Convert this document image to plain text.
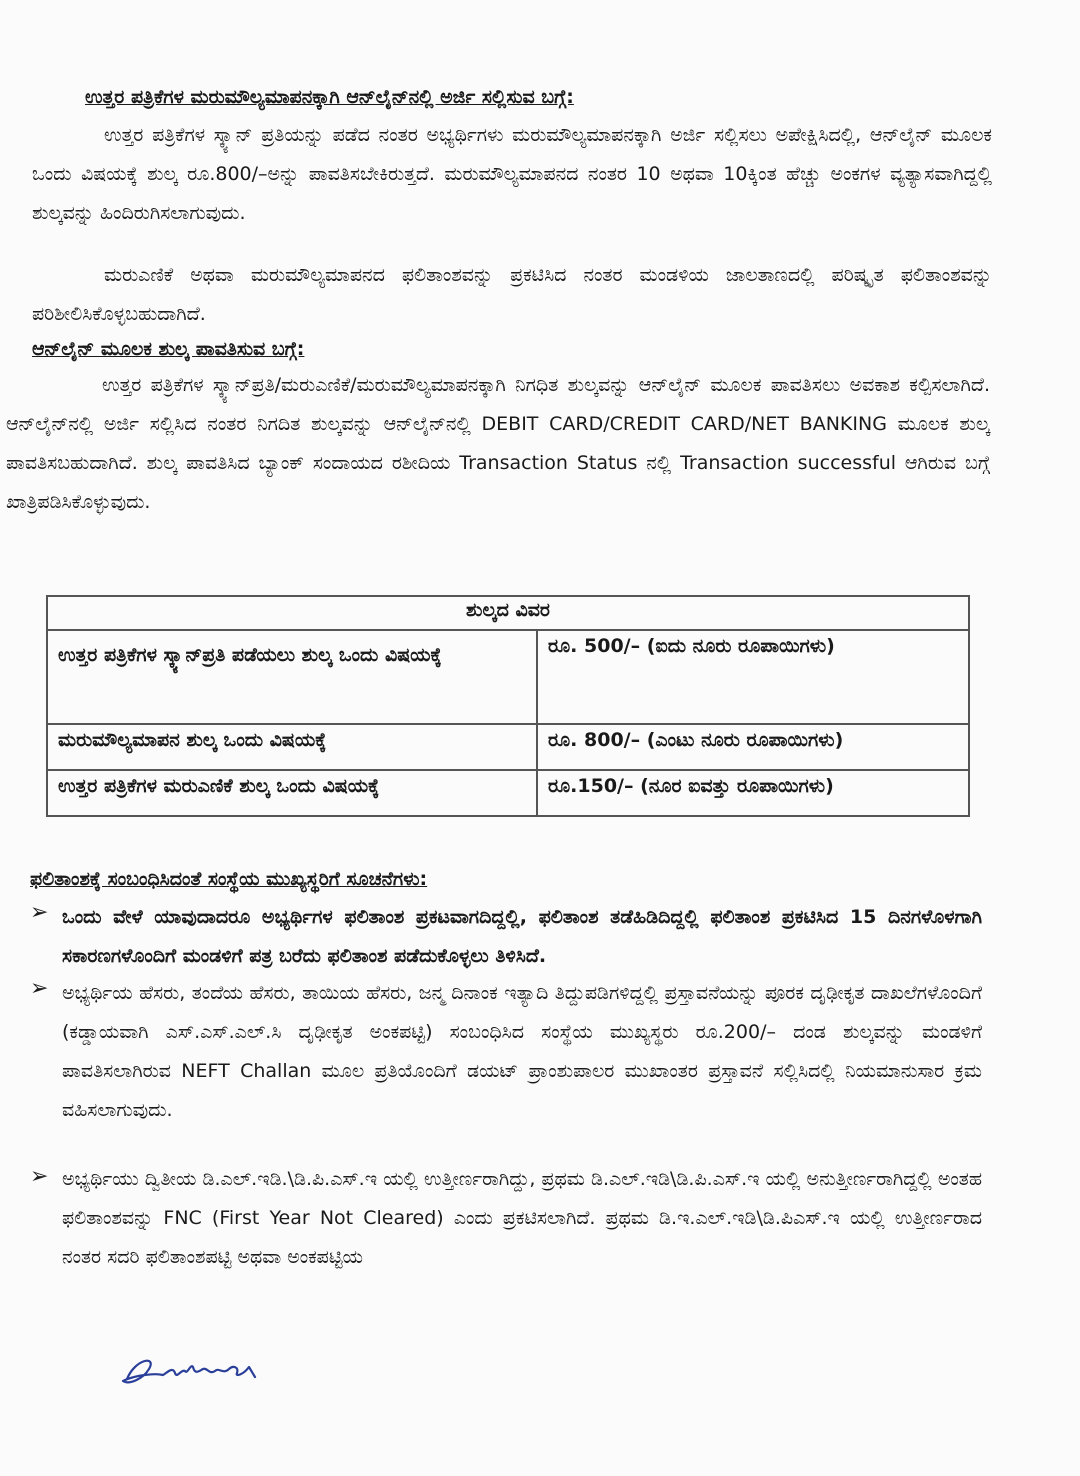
ಉತ್ತರ ಪತ್ರಿಕೆಗಳ ಮರುಮೌಲ್ಯಮಾಪನಕ್ಕಾಗಿ ಆನ್‌ಲೈನ್‌ನಲ್ಲಿ ಅರ್ಜಿ ಸಲ್ಲಿಸುವ ಬಗ್ಗೆ:

ಉತ್ತರ ಪತ್ರಿಕೆಗಳ ಸ್ಕ್ಯಾನ್ ಪ್ರತಿಯನ್ನು ಪಡೆದ ನಂತರ ಅಭ್ಯರ್ಥಿಗಳು ಮರುಮೌಲ್ಯಮಾಪನಕ್ಕಾಗಿ ಅರ್ಜಿ ಸಲ್ಲಿಸಲು ಅಪೇಕ್ಷಿಸಿದಲ್ಲಿ, ಆನ್‌ಲೈನ್ ಮೂಲಕ ಒಂದು ವಿಷಯಕ್ಕೆ ಶುಲ್ಕ ರೂ.800/–ಅನ್ನು ಪಾವತಿಸಬೇಕಿರುತ್ತದೆ. ಮರುಮೌಲ್ಯಮಾಪನದ ನಂತರ 10 ಅಥವಾ 10ಕ್ಕಿಂತ ಹೆಚ್ಚು ಅಂಕಗಳ ವ್ಯತ್ಯಾಸವಾಗಿದ್ದಲ್ಲಿ ಶುಲ್ಕವನ್ನು ಹಿಂದಿರುಗಿಸಲಾಗುವುದು.

ಮರುಎಣಿಕೆ ಅಥವಾ ಮರುಮೌಲ್ಯಮಾಪನದ ಫಲಿತಾಂಶವನ್ನು ಪ್ರಕಟಿಸಿದ ನಂತರ ಮಂಡಳಿಯ ಜಾಲತಾಣದಲ್ಲಿ ಪರಿಷ್ಕೃತ ಫಲಿತಾಂಶವನ್ನು ಪರಿಶೀಲಿಸಿಕೊಳ್ಳಬಹುದಾಗಿದೆ.

ಆನ್‌ಲೈನ್ ಮೂಲಕ ಶುಲ್ಕ ಪಾವತಿಸುವ ಬಗ್ಗೆ:

ಉತ್ತರ ಪತ್ರಿಕೆಗಳ ಸ್ಕ್ಯಾನ್‌ಪ್ರತಿ/ಮರುಎಣಿಕೆ/ಮರುಮೌಲ್ಯಮಾಪನಕ್ಕಾಗಿ ನಿಗಧಿತ ಶುಲ್ಕವನ್ನು ಆನ್‌ಲೈನ್ ಮೂಲಕ ಪಾವತಿಸಲು ಅವಕಾಶ ಕಲ್ಪಿಸಲಾಗಿದೆ. ಆನ್‌ಲೈನ್‌ನಲ್ಲಿ ಅರ್ಜಿ ಸಲ್ಲಿಸಿದ ನಂತರ ನಿಗದಿತ ಶುಲ್ಕವನ್ನು ಆನ್‌ಲೈನ್‌ನಲ್ಲಿ DEBIT CARD/CREDIT CARD/NET BANKING ಮೂಲಕ ಶುಲ್ಕ ಪಾವತಿಸಬಹುದಾಗಿದೆ. ಶುಲ್ಕ ಪಾವತಿಸಿದ ಬ್ಯಾಂಕ್ ಸಂದಾಯದ ರಶೀದಿಯ Transaction Status ನಲ್ಲಿ Transaction successful ಆಗಿರುವ ಬಗ್ಗೆ ಖಾತ್ರಿಪಡಿಸಿಕೊಳ್ಳುವುದು.

ಶುಲ್ಕದ ವಿವರ	
ಉತ್ತರ ಪತ್ರಿಕೆಗಳ ಸ್ಕ್ಯಾನ್‌ಪ್ರತಿ ಪಡೆಯಲು ಶುಲ್ಕ ಒಂದು ವಿಷಯಕ್ಕೆ	ರೂ. 500/– (ಐದು ನೂರು ರೂಪಾಯಿಗಳು)
ಮರುಮೌಲ್ಯಮಾಪನ ಶುಲ್ಕ ಒಂದು ವಿಷಯಕ್ಕೆ	ರೂ. 800/– (ಎಂಟು ನೂರು ರೂಪಾಯಿಗಳು)
ಉತ್ತರ ಪತ್ರಿಕೆಗಳ ಮರುಎಣಿಕೆ ಶುಲ್ಕ ಒಂದು ವಿಷಯಕ್ಕೆ	ರೂ.150/– (ನೂರ ಐವತ್ತು ರೂಪಾಯಿಗಳು)
ಫಲಿತಾಂಶಕ್ಕೆ ಸಂಬಂಧಿಸಿದಂತೆ ಸಂಸ್ಥೆಯ ಮುಖ್ಯಸ್ಥರಿಗೆ ಸೂಚನೆಗಳು:
➢ ಒಂದು ವೇಳೆ ಯಾವುದಾದರೂ ಅಭ್ಯರ್ಥಿಗಳ ಫಲಿತಾಂಶ ಪ್ರಕಟವಾಗದಿದ್ದಲ್ಲಿ, ಫಲಿತಾಂಶ ತಡೆಹಿಡಿದಿದ್ದಲ್ಲಿ ಫಲಿತಾಂಶ ಪ್ರಕಟಿಸಿದ 15 ದಿನಗಳೊಳಗಾಗಿ ಸಕಾರಣಗಳೊಂದಿಗೆ ಮಂಡಳಿಗೆ ಪತ್ರ ಬರೆದು ಫಲಿತಾಂಶ ಪಡೆದುಕೊಳ್ಳಲು ತಿಳಿಸಿದೆ.

➢ ಅಭ್ಯರ್ಥಿಯ ಹೆಸರು, ತಂದೆಯ ಹೆಸರು, ತಾಯಿಯ ಹೆಸರು, ಜನ್ಮ ದಿನಾಂಕ ಇತ್ಯಾದಿ ತಿದ್ದುಪಡಿಗಳಿದ್ದಲ್ಲಿ ಪ್ರಸ್ತಾವನೆಯನ್ನು ಪೂರಕ ದೃಢೀಕೃತ ದಾಖಲೆಗಳೊಂದಿಗೆ (ಕಡ್ಡಾಯವಾಗಿ ಎಸ್.ಎಸ್.ಎಲ್.ಸಿ ದೃಢೀಕೃತ ಅಂಕಪಟ್ಟಿ) ಸಂಬಂಧಿಸಿದ ಸಂಸ್ಥೆಯ ಮುಖ್ಯಸ್ಥರು ರೂ.200/– ದಂಡ ಶುಲ್ಕವನ್ನು ಮಂಡಳಿಗೆ ಪಾವತಿಸಲಾಗಿರುವ NEFT Challan ಮೂಲ ಪ್ರತಿಯೊಂದಿಗೆ ಡಯಟ್ ಪ್ರಾಂಶುಪಾಲರ ಮುಖಾಂತರ ಪ್ರಸ್ತಾವನೆ ಸಲ್ಲಿಸಿದಲ್ಲಿ ನಿಯಮಾನುಸಾರ ಕ್ರಮ ವಹಿಸಲಾಗುವುದು.

➢ ಅಭ್ಯರ್ಥಿಯು ದ್ವಿತೀಯ ಡಿ.ಎಲ್.ಇಡಿ.\ಡಿ.ಪಿ.ಎಸ್.ಇ ಯಲ್ಲಿ ಉತ್ತೀರ್ಣರಾಗಿದ್ದು, ಪ್ರಥಮ ಡಿ.ಎಲ್.ಇಡಿ\ಡಿ.ಪಿ.ಎಸ್.ಇ ಯಲ್ಲಿ ಅನುತ್ತೀರ್ಣರಾಗಿದ್ದಲ್ಲಿ ಅಂತಹ ಫಲಿತಾಂಶವನ್ನು FNC (First Year Not Cleared) ಎಂದು ಪ್ರಕಟಿಸಲಾಗಿದೆ. ಪ್ರಥಮ ಡಿ.ಇ.ಎಲ್.ಇಡಿ\ಡಿ.ಪಿಎಸ್.ಇ ಯಲ್ಲಿ ಉತ್ತೀರ್ಣರಾದ ನಂತರ ಸದರಿ ಫಲಿತಾಂಶಪಟ್ಟಿ ಅಥವಾ ಅಂಕಪಟ್ಟಿಯ
